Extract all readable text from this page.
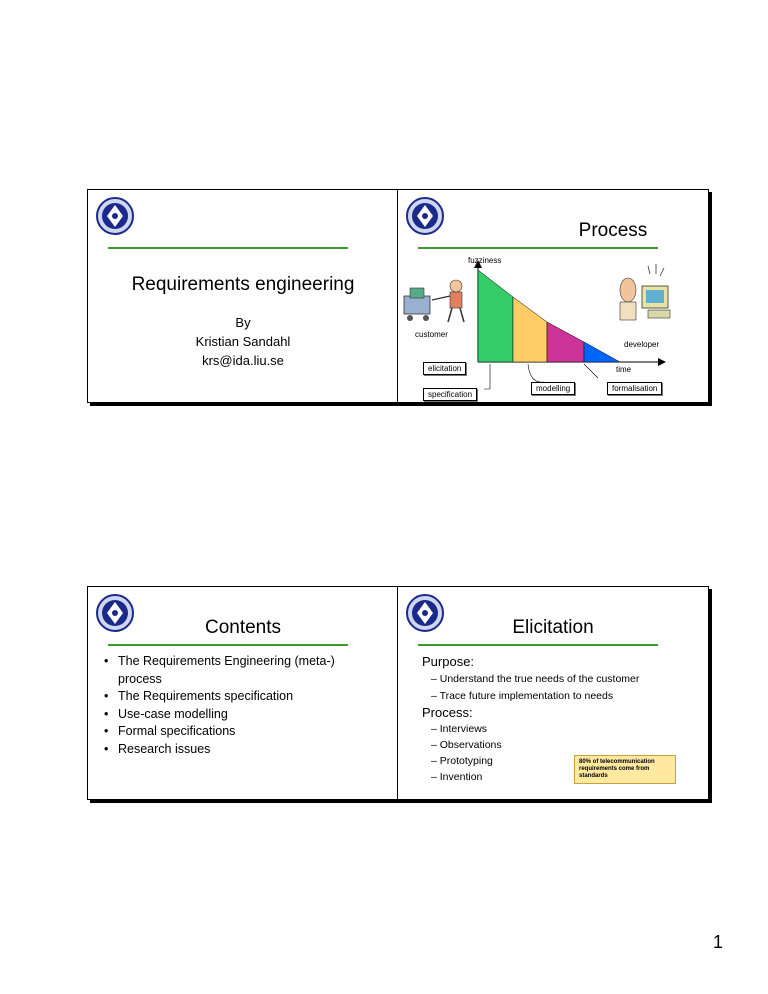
Requirements engineering
By
Kristian Sandahl
krs@ida.liu.se
Process
fuzziness
customer
developer
time
elicitation
specification
modelling	formalisation
Contents
• The Requirements Engineering (meta-) process
• The Requirements specification
• Use-case modelling
• Formal specifications
• Research issues
Elicitation
Purpose:
– Understand the true needs of the customer
– Trace future implementation to needs
Process:
– Interviews
– Observations
– Prototyping
– Invention
80% of telecommunication requirements come from standards
1
